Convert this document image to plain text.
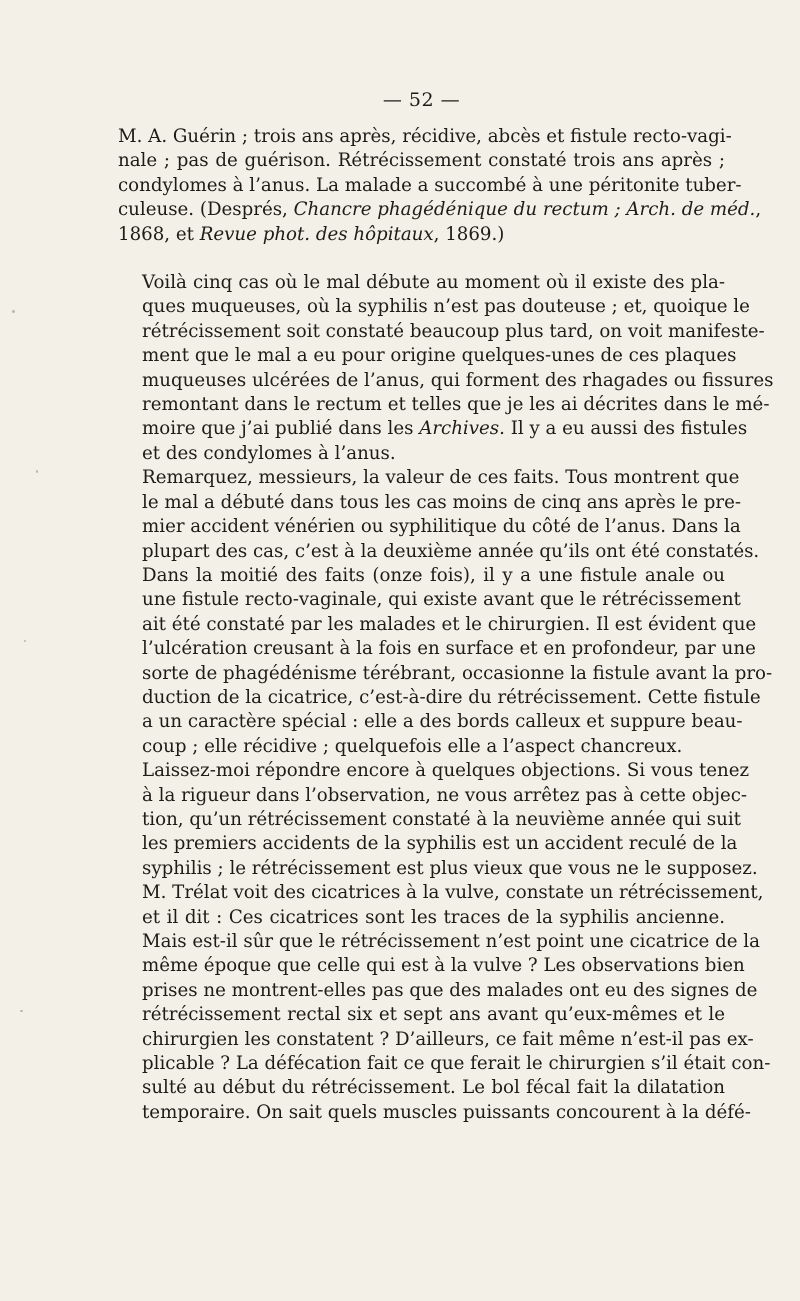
— 52 —

M. A. Guérin ; trois ans après, récidive, abcès et fistule recto-vagi-
nale ; pas de guérison. Rétrécissement constaté trois ans après ;
condylomes à l’anus. La malade a succombé à une péritonite tuber-
culeuse. (Després, Chancre phagédénique du rectum ; Arch. de méd.,
1868, et Revue phot. des hôpitaux, 1869.)

Voilà cinq cas où le mal débute au moment où il existe des pla-
ques muqueuses, où la syphilis n’est pas douteuse ; et, quoique le
rétrécissement soit constaté beaucoup plus tard, on voit manifeste-
ment que le mal a eu pour origine quelques-unes de ces plaques
muqueuses ulcérées de l’anus, qui forment des rhagades ou fissures
remontant dans le rectum et telles que je les ai décrites dans le mé-
moire que j’ai publié dans les Archives. Il y a eu aussi des fistules
et des condylomes à l’anus.

Remarquez, messieurs, la valeur de ces faits. Tous montrent que
le mal a débuté dans tous les cas moins de cinq ans après le pre-
mier accident vénérien ou syphilitique du côté de l’anus. Dans la
plupart des cas, c’est à la deuxième année qu’ils ont été constatés.

Dans la moitié des faits (onze fois), il y a une fistule anale ou
une fistule recto-vaginale, qui existe avant que le rétrécissement
ait été constaté par les malades et le chirurgien. Il est évident que
l’ulcération creusant à la fois en surface et en profondeur, par une
sorte de phagédénisme térébrant, occasionne la fistule avant la pro-
duction de la cicatrice, c’est-à-dire du rétrécissement. Cette fistule
a un caractère spécial : elle a des bords calleux et suppure beau-
coup ; elle récidive ; quelquefois elle a l’aspect chancreux.

Laissez-moi répondre encore à quelques objections. Si vous tenez
à la rigueur dans l’observation, ne vous arrêtez pas à cette objec-
tion, qu’un rétrécissement constaté à la neuvième année qui suit
les premiers accidents de la syphilis est un accident reculé de la
syphilis ; le rétrécissement est plus vieux que vous ne le supposez.
M. Trélat voit des cicatrices à la vulve, constate un rétrécissement,
et il dit : Ces cicatrices sont les traces de la syphilis ancienne.
Mais est-il sûr que le rétrécissement n’est point une cicatrice de la
même époque que celle qui est à la vulve ? Les observations bien
prises ne montrent-elles pas que des malades ont eu des signes de
rétrécissement rectal six et sept ans avant qu’eux-mêmes et le
chirurgien les constatent ? D’ailleurs, ce fait même n’est-il pas ex-
plicable ? La défécation fait ce que ferait le chirurgien s’il était con-
sulté au début du rétrécissement. Le bol fécal fait la dilatation
temporaire. On sait quels muscles puissants concourent à la défé-
